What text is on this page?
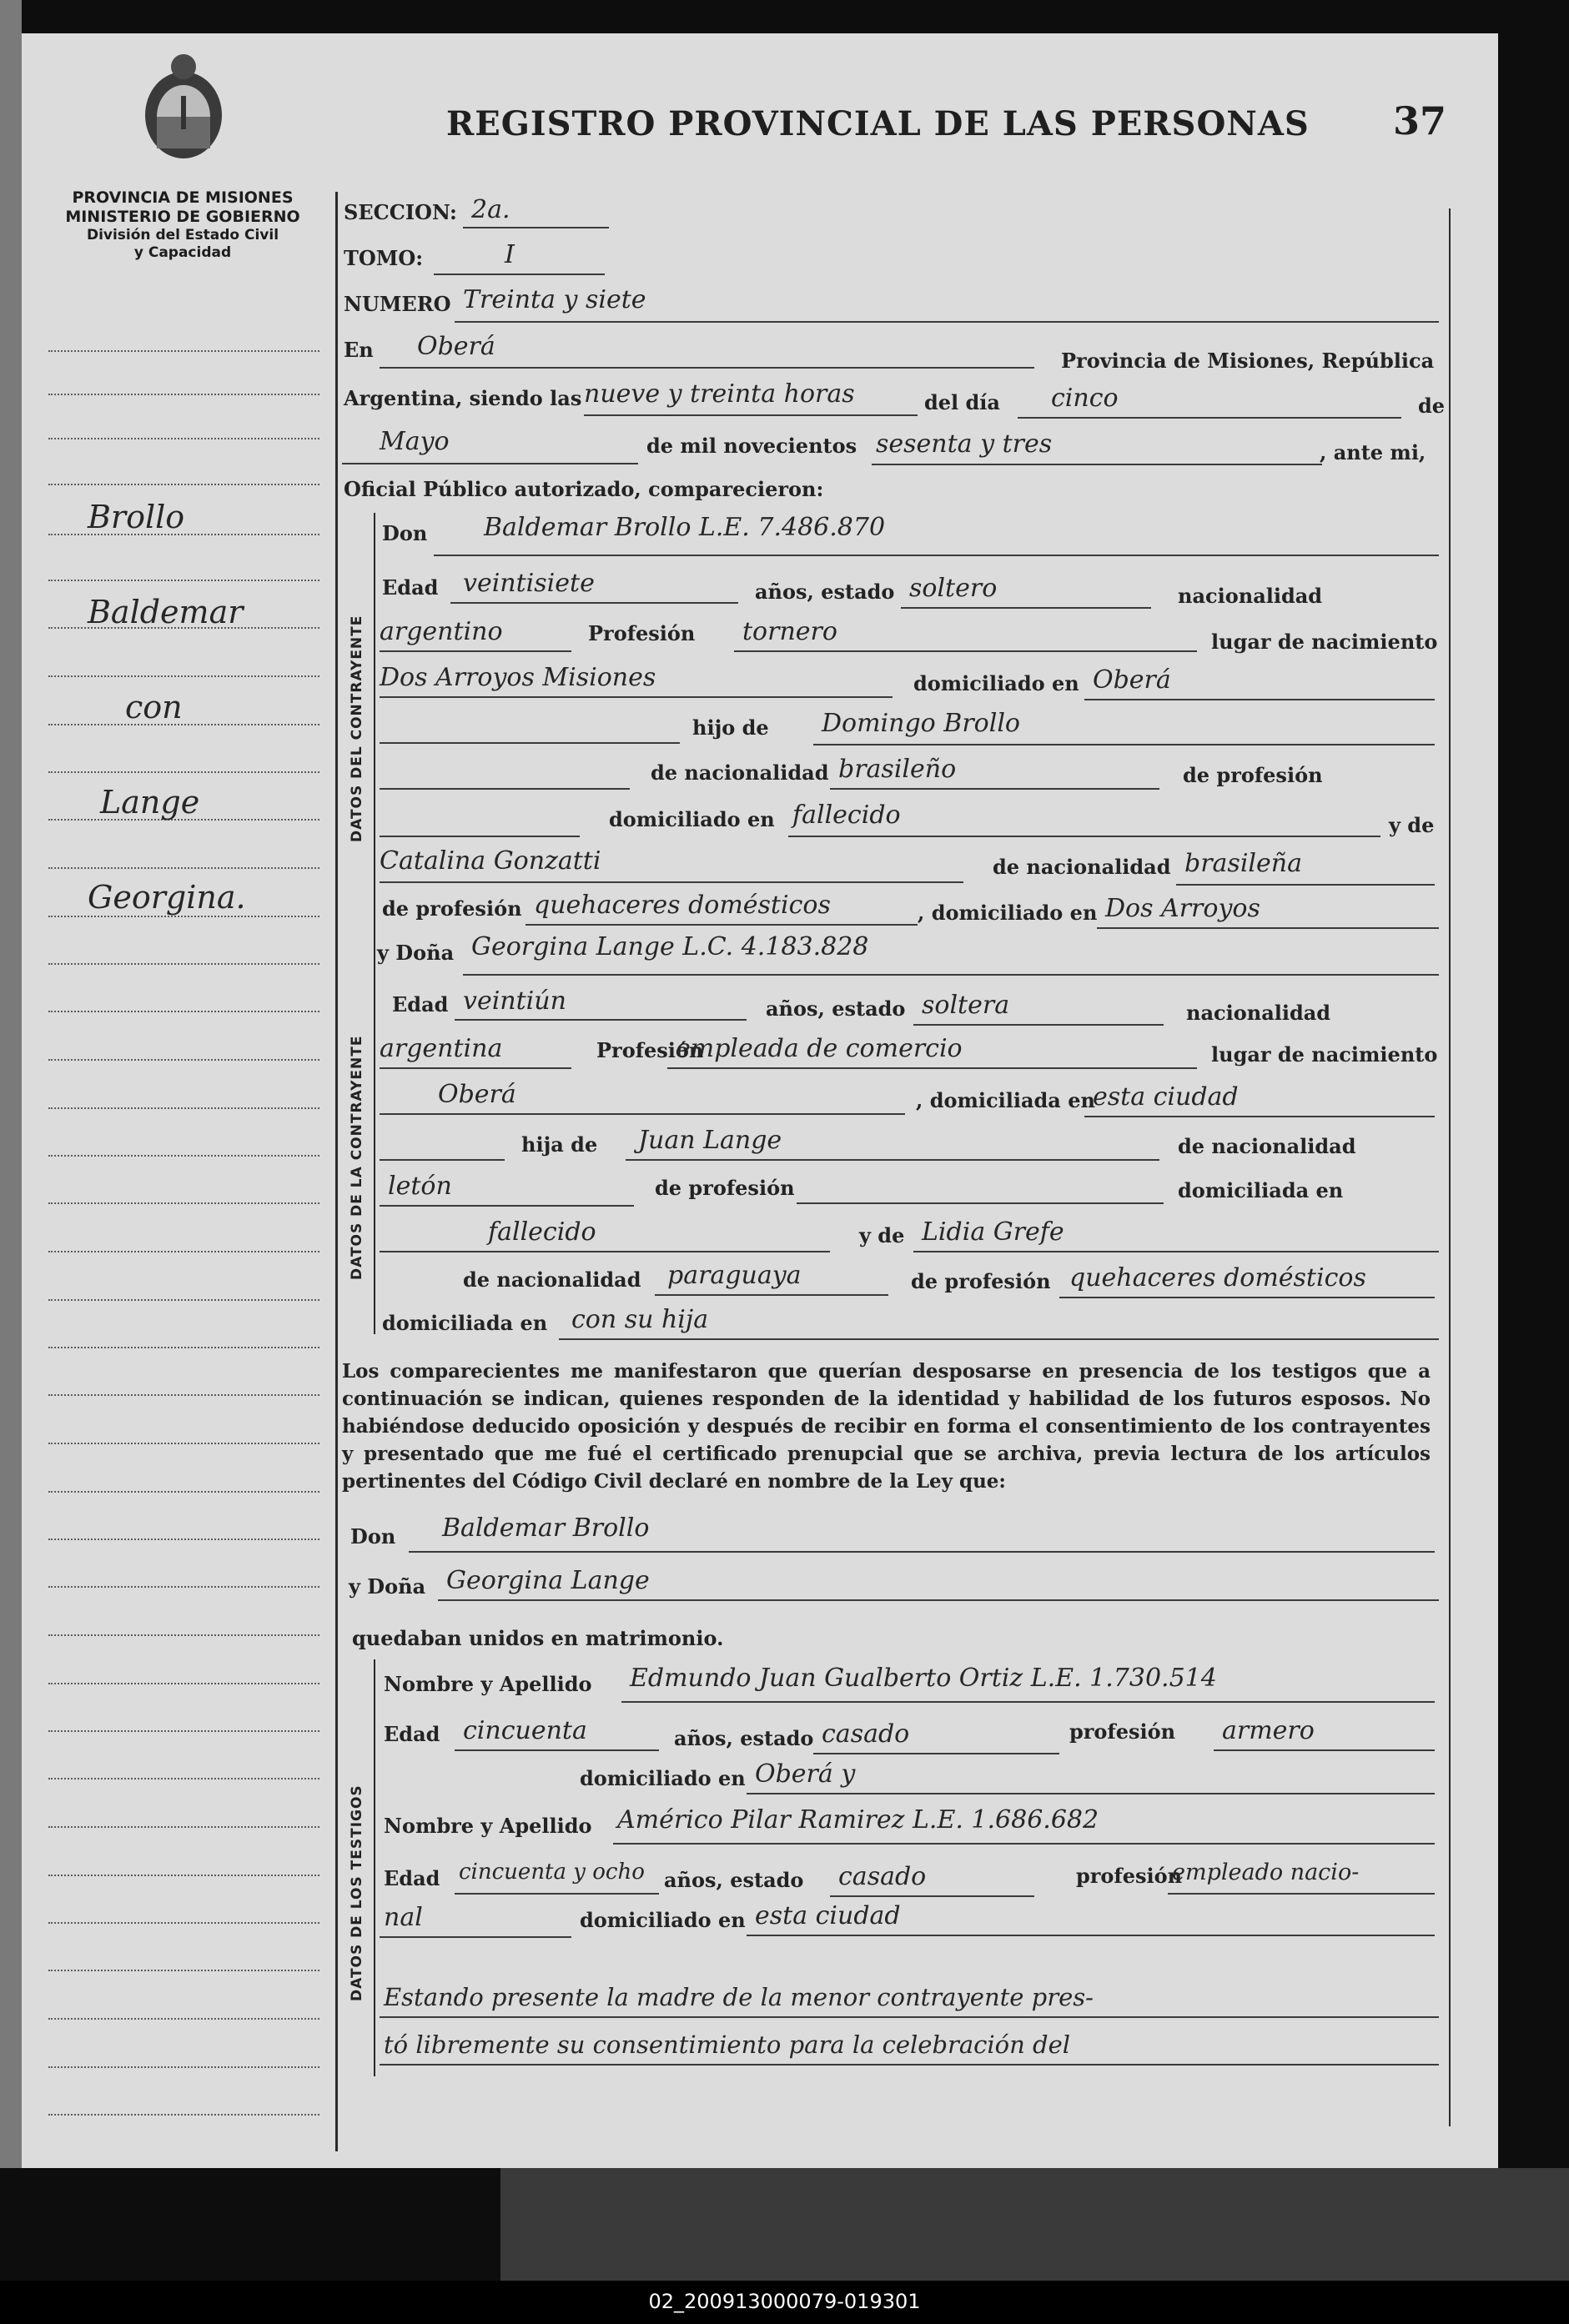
REGISTRO PROVINCIAL DE LAS PERSONAS 37
PROVINCIA DE MISIONES
MINISTERIO DE GOBIERNO
División del Estado Civil
y Capacidad
Brollo
Baldemar
con
Lange
Georgina.
DATOS DEL CONTRAYENTE
DATOS DE LA CONTRAYENTE
DATOS DE LOS TESTIGOS
SECCION: 2a.
TOMO:	I
NUMERO Treinta y siete
En Oberá	Provincia de Misiones, República
Argentina, siendo las nueve y treinta horas	del día cinco	de
Mayo	de mil novecientos sesenta y tres	, ante mi,
Oficial Público autorizado, comparecieron:
Don Baldemar Brollo L.E. 7.486.870
Edad veintisiete	años, estado soltero	nacionalidad
argentino	Profesión tornero	lugar de nacimiento
Dos Arroyos Misiones	domiciliado en Oberá
hijo de Domingo Brollo
de nacionalidad brasileño	de profesión
domiciliado en fallecido	y de
Catalina Gonzatti	de nacionalidad brasileña
de profesión quehaceres domésticos	, domiciliado en Dos Arroyos
y Doña Georgina Lange L.C. 4.183.828
Edad veintiún	años, estado soltera	nacionalidad
argentina	Profesión
empleada de comercio	lugar de nacimiento
Oberá	, domiciliada en
esta ciudad
hija de Juan Lange	de nacionalidad
letón	de profesión	domiciliada en
fallecido	y de Lidia Grefe
de nacionalidad paraguaya	de profesión quehaceres domésticos
domiciliada en con su hija

Los comparecientes me manifestaron que querían desposarse en presencia de los testigos que a continuación se indican, quienes responden de la identidad y habilidad de los futuros esposos. No habiéndose deducido oposición y después de recibir en forma el consentimiento de los contrayentes y presentado que me fué el certificado prenupcial que se archiva, previa lectura de los artículos pertinentes del Código Civil declaré en nombre de la Ley que:

Don Baldemar Brollo
y Doña Georgina Lange
quedaban unidos en matrimonio.
Nombre y Apellido Edmundo Juan Gualberto Ortiz L.E. 1.730.514
Edad cincuenta	años, estado casado	profesión armero
domiciliado en Oberá y
Nombre y Apellido Américo Pilar Ramirez L.E. 1.686.682
Edad cincuenta y ocho años, estado casado	profesión
empleado nacio-
nal	domiciliado en esta ciudad
Estando presente la madre de la menor contrayente pres-
tó libremente su consentimiento para la celebración del
02_200913000079-019301
